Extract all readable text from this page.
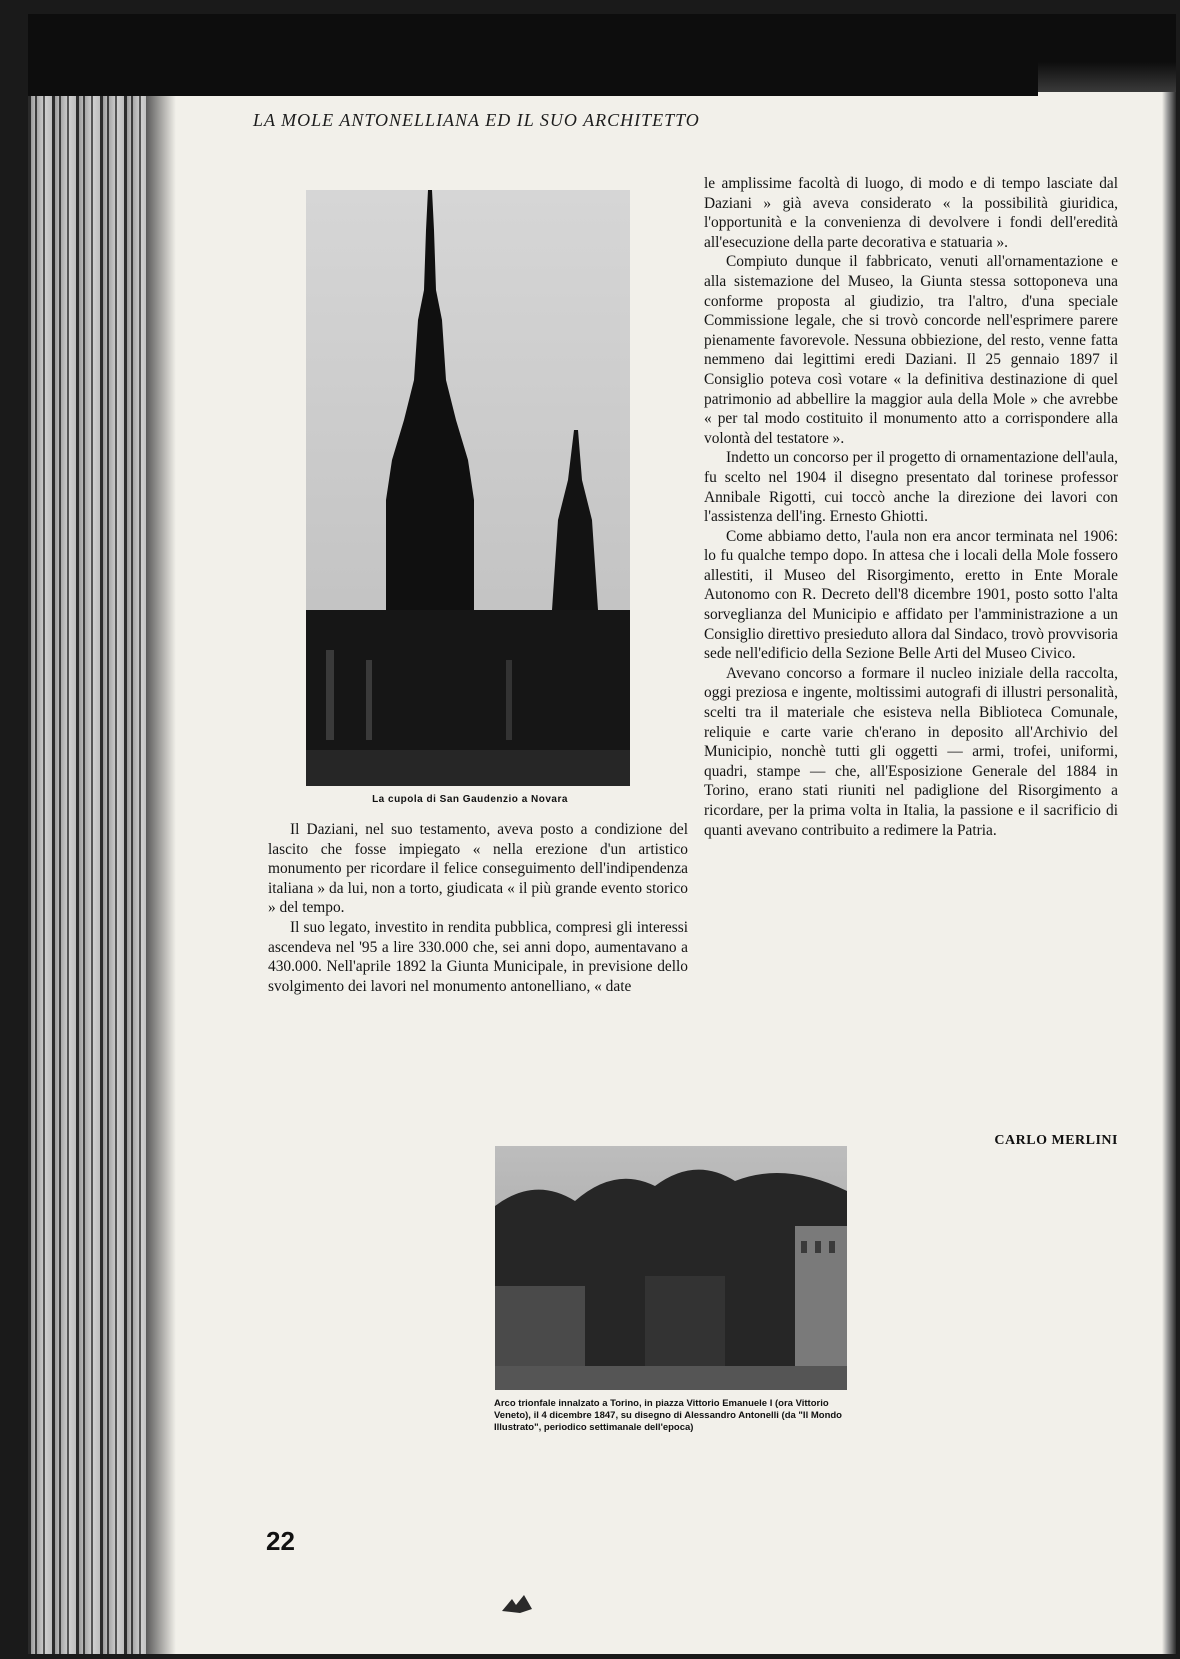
LA MOLE ANTONELLIANA ED IL SUO ARCHITETTO
La cupola di San Gaudenzio a Novara

Il Daziani, nel suo testamento, aveva posto a condizione del lascito che fosse impiegato « nella erezione d'un artistico monumento per ricordare il felice conseguimento dell'indipendenza italiana » da lui, non a torto, giudicata « il più grande evento storico » del tempo.

Il suo legato, investito in rendita pubblica, compresi gli interessi ascendeva nel '95 a lire 330.000 che, sei anni dopo, aumentavano a 430.000. Nell'aprile 1892 la Giunta Municipale, in previsione dello svolgimento dei lavori nel monumento antonelliano, « date

le amplissime facoltà di luogo, di modo e di tempo lasciate dal Daziani » già aveva considerato « la possibilità giuridica, l'opportunità e la convenienza di devolvere i fondi dell'eredità all'esecuzione della parte decorativa e statuaria ».

Compiuto dunque il fabbricato, venuti all'ornamentazione e alla sistemazione del Museo, la Giunta stessa sottoponeva una conforme proposta al giudizio, tra l'altro, d'una speciale Commissione legale, che si trovò concorde nell'esprimere parere pienamente favorevole. Nessuna obbiezione, del resto, venne fatta nemmeno dai legittimi eredi Daziani. Il 25 gennaio 1897 il Consiglio poteva così votare « la definitiva destinazione di quel patrimonio ad abbellire la maggior aula della Mole » che avrebbe « per tal modo costituito il monumento atto a corrispondere alla volontà del testatore ».

Indetto un concorso per il progetto di ornamentazione dell'aula, fu scelto nel 1904 il disegno presentato dal torinese professor Annibale Rigotti, cui toccò anche la direzione dei lavori con l'assistenza dell'ing. Ernesto Ghiotti.

Come abbiamo detto, l'aula non era ancor terminata nel 1906: lo fu qualche tempo dopo. In attesa che i locali della Mole fossero allestiti, il Museo del Risorgimento, eretto in Ente Morale Autonomo con R. Decreto dell'8 dicembre 1901, posto sotto l'alta sorveglianza del Municipio e affidato per l'amministrazione a un Consiglio direttivo presieduto allora dal Sindaco, trovò provvisoria sede nell'edificio della Sezione Belle Arti del Museo Civico.

Avevano concorso a formare il nucleo iniziale della raccolta, oggi preziosa e ingente, moltissimi autografi di illustri personalità, scelti tra il materiale che esisteva nella Biblioteca Comunale, reliquie e carte varie ch'erano in deposito all'Archivio del Municipio, nonchè tutti gli oggetti — armi, trofei, uniformi, quadri, stampe — che, all'Esposizione Generale del 1884 in Torino, erano stati riuniti nel padiglione del Risorgimento a ricordare, per la prima volta in Italia, la passione e il sacrificio di quanti avevano contribuito a redimere la Patria.

CARLO MERLINI
Arco trionfale innalzato a Torino, in piazza Vittorio Emanuele I (ora Vittorio Veneto), il 4 dicembre 1847, su disegno di Alessandro Antonelli (da "Il Mondo Illustrato", periodico settimanale dell'epoca)
22
